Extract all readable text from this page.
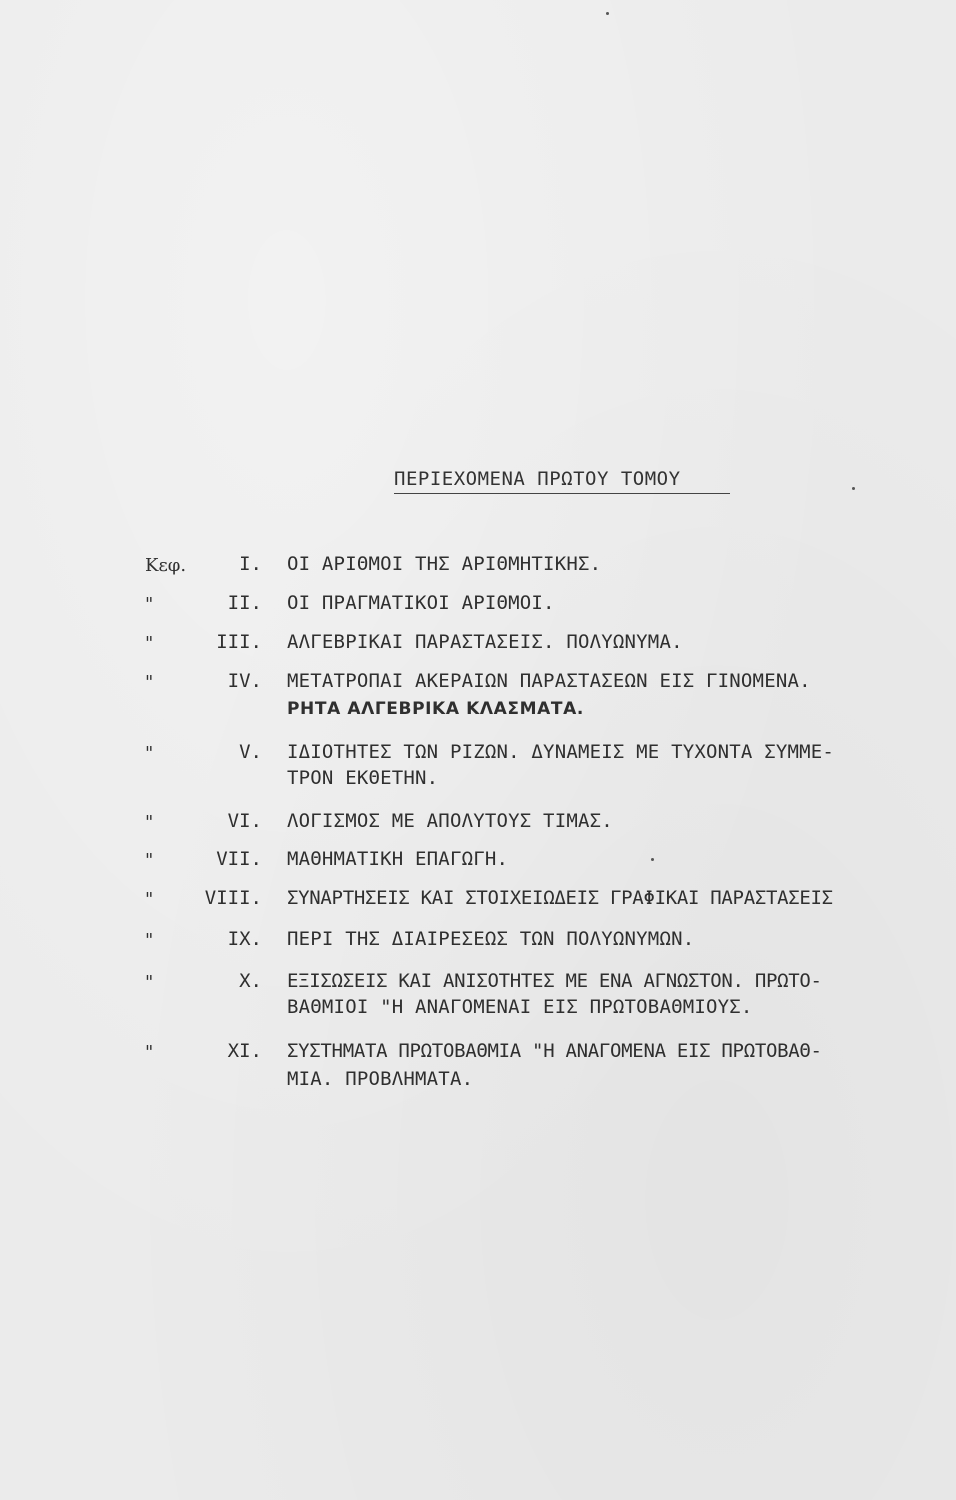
ΠΕΡΙΕΧΟΜΕΝΑ ΠΡΩΤΟΥ ΤΟΜΟΥ
Κεφ.	I. ΟΙ ΑΡΙΘΜΟΙ ΤΗΣ ΑΡΙΘΜΗΤΙΚΗΣ.
"	II. ΟΙ ΠΡΑΓΜΑΤΙΚΟΙ ΑΡΙΘΜΟΙ.
"	III. ΑΛΓΕΒΡΙΚΑΙ ΠΑΡΑΣΤΑΣΕΙΣ. ΠΟΛΥΩΝΥΜΑ.
"	IV. ΜΕΤΑΤΡΟΠΑΙ ΑΚΕΡΑΙΩΝ ΠΑΡΑΣΤΑΣΕΩΝ ΕΙΣ ΓΙΝΟΜΕΝΑ.
ΡΗΤΑ ΑΛΓΕΒΡΙΚΑ ΚΛΑΣΜΑΤΑ.
"	V. ΙΔΙΟΤΗΤΕΣ ΤΩΝ ΡΙΖΩΝ. ΔΥΝΑΜΕΙΣ ΜΕ ΤΥΧΟΝΤΑ ΣΥΜΜΕ-
ΤΡΟΝ ΕΚΘΕΤΗΝ.
"	VI. ΛΟΓΙΣΜΟΣ ΜΕ ΑΠΟΛΥΤΟΥΣ ΤΙΜΑΣ.
"	VII. ΜΑΘΗΜΑΤΙΚΗ ΕΠΑΓΩΓΗ.
"	VIII. ΣΥΝΑΡΤΗΣΕΙΣ ΚΑΙ ΣΤΟΙΧΕΙΩΔΕΙΣ ΓΡΑΦΙΚΑΙ ΠΑΡΑΣΤΑΣΕΙΣ
"	IX. ΠΕΡΙ ΤΗΣ ΔΙΑΙΡΕΣΕΩΣ ΤΩΝ ΠΟΛΥΩΝΥΜΩΝ.
"	X. ΕΞΙΣΩΣΕΙΣ ΚΑΙ ΑΝΙΣΟΤΗΤΕΣ ΜΕ ΕΝΑ ΑΓΝΩΣΤΟΝ. ΠΡΩΤΟ-
ΒΑΘΜΙΟΙ "Η ΑΝΑΓΟΜΕΝΑΙ ΕΙΣ ΠΡΩΤΟΒΑΘΜΙΟΥΣ.
"	XI. ΣΥΣΤΗΜΑΤΑ ΠΡΩΤΟΒΑΘΜΙΑ "Η ΑΝΑΓΟΜΕΝΑ ΕΙΣ ΠΡΩΤΟΒΑΘ-
ΜΙΑ. ΠΡΟΒΛΗΜΑΤΑ.
